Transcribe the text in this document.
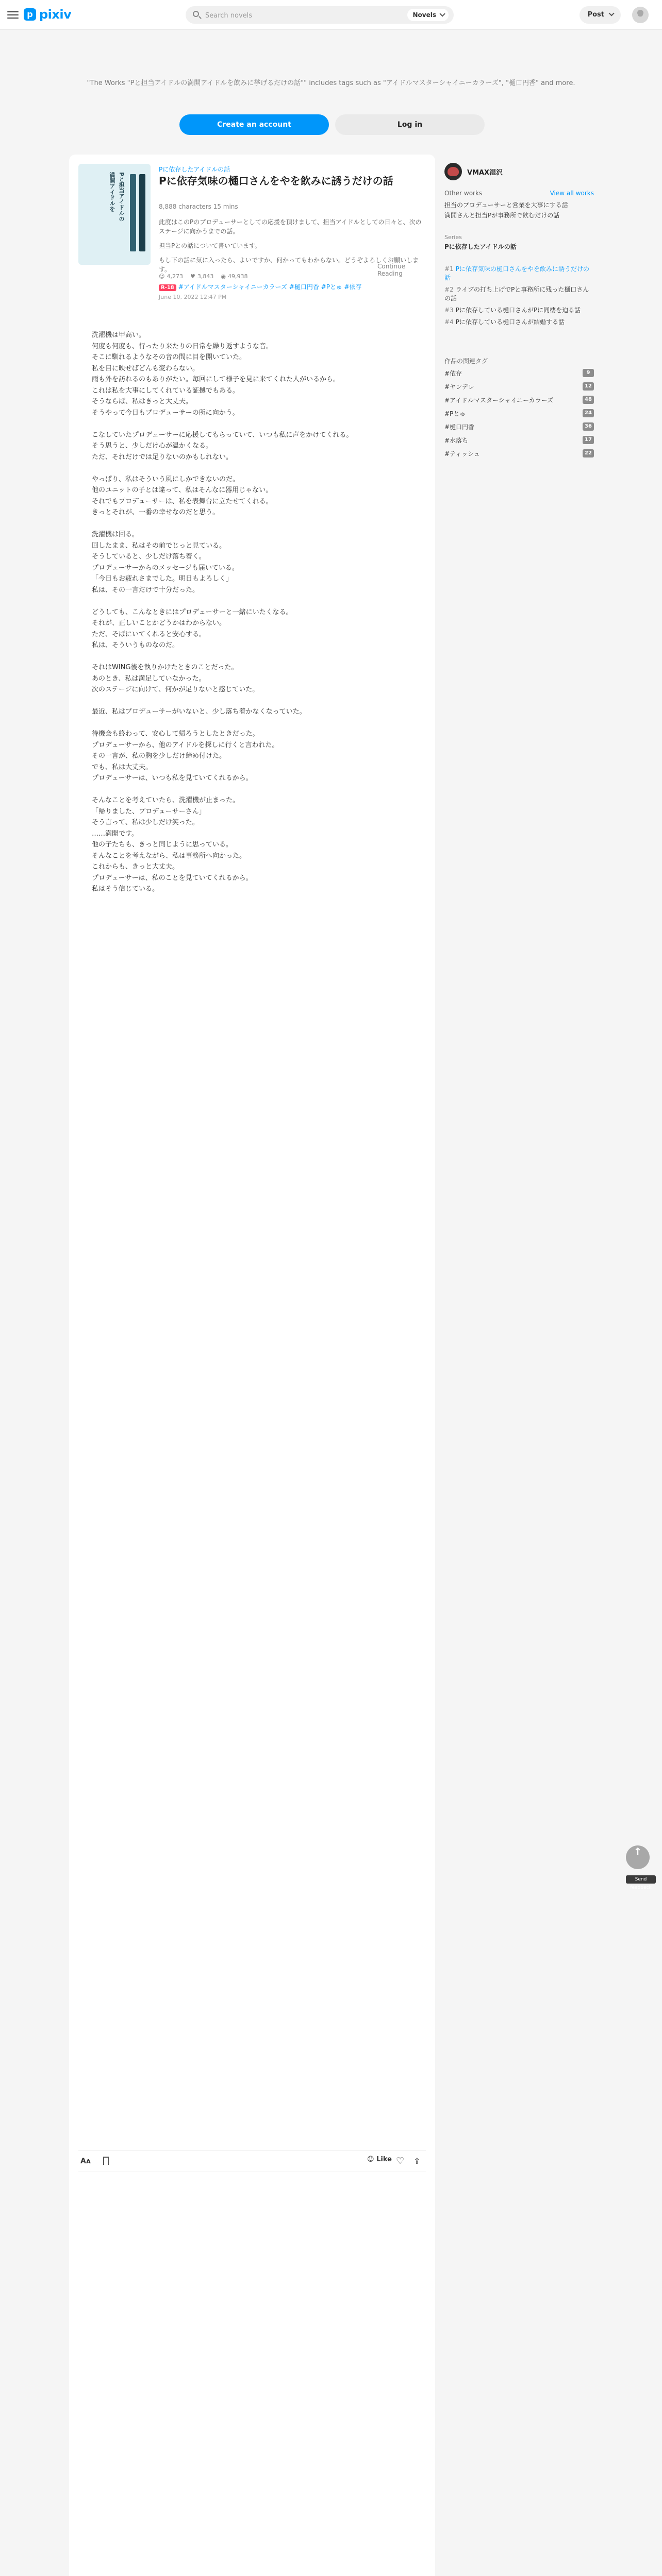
p pixiv
Search novels	Novels	Post
"The Works "Pと担当アイドルの満開アイドルを飲みに挙げるだけの話"" includes tags such as "アイドルマスターシャイニーカラーズ", "樋口円香" and more.
Create an account	Log in
Pと担当アイドルの
満開アイドルを
Pに依存したアイドルの話
Pに依存気味の樋口さんをやを飲みに誘うだけの話
8,888 characters 15 mins

此度はこのPのプロデューサーとしての応援を頂けまして、担当アイドルとしての日々と、次のステージに向かうまでの話。

担当Pとの話について書いています。

もし下の話に気に入ったら、よいですか、何かってもわからない。どうぞよろしくお願いします。	Continue Reading
☺ 4,273 ♥ 3,843 ◉ 49,938
R-18 #アイドルマスターシャイニーカラーズ #樋口円香 #Pとゅ #依存
June 10, 2022 12:47 PM
洗濯機は甲高い。
何度も何度も、行ったり来たりの日常を繰り返すような音。
そこに馴れるようなその音の間に目を開いていた。
私を目に映せばどんも変わらない。
雨も外を訪れるのもありがたい。毎回にして様子を見に来てくれた人がいるから。
これは私を大事にしてくれている証拠でもある。
そうならば、私はきっと大丈夫。
そうやって今日もプロデューサーの所に向かう。

こなしていたプロデューサーに応援してもらっていて、いつも私に声をかけてくれる。
そう思うと、少しだけ心が温かくなる。
ただ、それだけでは足りないのかもしれない。

やっぱり、私はそういう風にしかできないのだ。
他のユニットの子とは違って、私はそんなに器用じゃない。
それでもプロデューサーは、私を表舞台に立たせてくれる。
きっとそれが、一番の幸せなのだと思う。

洗濯機は回る。
回したまま、私はその前でじっと見ている。
そうしていると、少しだけ落ち着く。
プロデューサーからのメッセージも届いている。
「今日もお疲れさまでした。明日もよろしく」
私は、その一言だけで十分だった。

どうしても、こんなときにはプロデューサーと一緒にいたくなる。
それが、正しいことかどうかはわからない。
ただ、そばにいてくれると安心する。
私は、そういうものなのだ。

それはWING後を執りかけたときのことだった。
あのとき、私は満足していなかった。
次のステージに向けて、何かが足りないと感じていた。

最近、私はプロデューサーがいないと、少し落ち着かなくなっていた。

待機会も終わって、安心して帰ろうとしたときだった。
プロデューサーから、他のアイドルを探しに行くと言われた。
その一言が、私の胸を少しだけ締め付けた。
でも、私は大丈夫。
プロデューサーは、いつも私を見ていてくれるから。

そんなことを考えていたら、洗濯機が止まった。
「帰りました、プロデューサーさん」
そう言って、私は少しだけ笑った。
……満開です。
他の子たちも、きっと同じように思っている。
そんなことを考えながら、私は事務所へ向かった。
これからも、きっと大丈夫。
プロデューサーは、私のことを見ていてくれるから。
私はそう信じている。
Aᴀ	☺ Like ♡ ⇪
VMAX湿沢
Other works	View all works
担当のプロデューサーと営業を大事にする話
満開さんと担当Pが事務所で飲むだけの話
Series
Pに依存したアイドルの話
#1 Pに依存気味の樋口さんをやを飲みに誘うだけの話
#2 ライブの打ち上げでPと事務所に残った樋口さんの話
#3 Pに依存している樋口さんがPに同棲を迫る話
#4 Pに依存している樋口さんが結婚する話
作品の関連タグ
#依存	9
#ヤンデレ	12
#アイドルマスターシャイニーカラーズ	48
#Pとゅ	24
#樋口円香	36
#水落ち	17
#ティッシュ	22
↑
Send feedback
